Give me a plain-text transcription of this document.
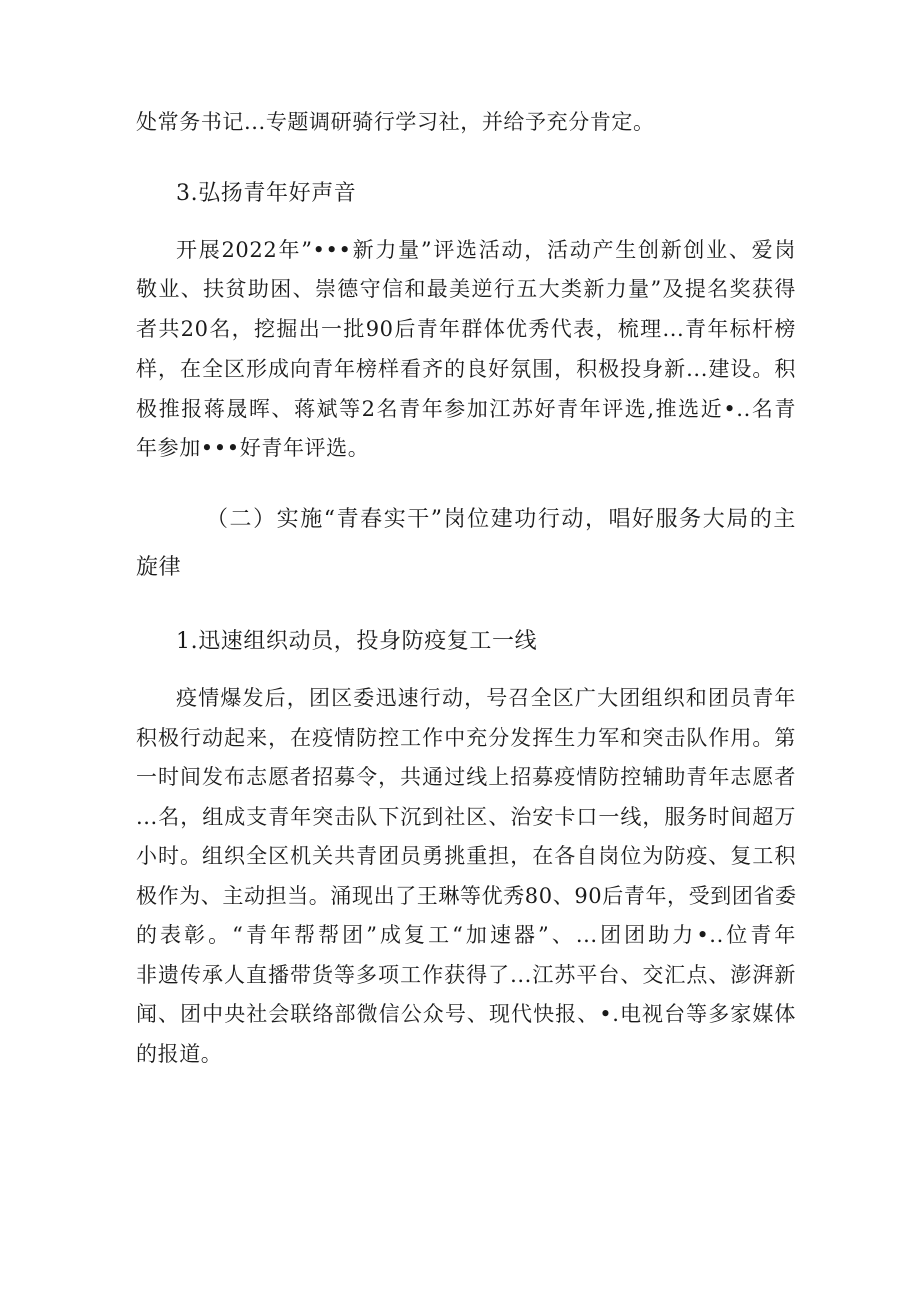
处常务书记...专题调研骑行学习社，并给予充分肯定。
3.弘扬青年好声音
开展2022年”•••新力量”评选活动，活动产生创新创业、爱岗
敬业、扶贫助困、崇德守信和最美逆行五大类新力量”及提名奖获得
者共20名，挖掘出一批90后青年群体优秀代表，梳理...青年标杆榜
样，在全区形成向青年榜样看齐的良好氛围，积极投身新...建设。积
极推报蒋晟晖、蒋斌等2名青年参加江苏好青年评选,推选近•..名青
年参加•••好青年评选。
（二）实施“青春实干”岗位建功行动，唱好服务大局的主
旋律
1.迅速组织动员，投身防疫复工一线
疫情爆发后，团区委迅速行动，号召全区广大团组织和团员青年
积极行动起来，在疫情防控工作中充分发挥生力军和突击队作用。第
一时间发布志愿者招募令，共通过线上招募疫情防控辅助青年志愿者
...名，组成支青年突击队下沉到社区、治安卡口一线，服务时间超万
小时。组织全区机关共青团员勇挑重担，在各自岗位为防疫、复工积
极作为、主动担当。涌现出了王琳等优秀80、90后青年，受到团省委
的表彰。“青年帮帮团”成复工“加速器”、...团团助力•..位青年
非遗传承人直播带货等多项工作获得了...江苏平台、交汇点、澎湃新
闻、团中央社会联络部微信公众号、现代快报、•.电视台等多家媒体
的报道。
